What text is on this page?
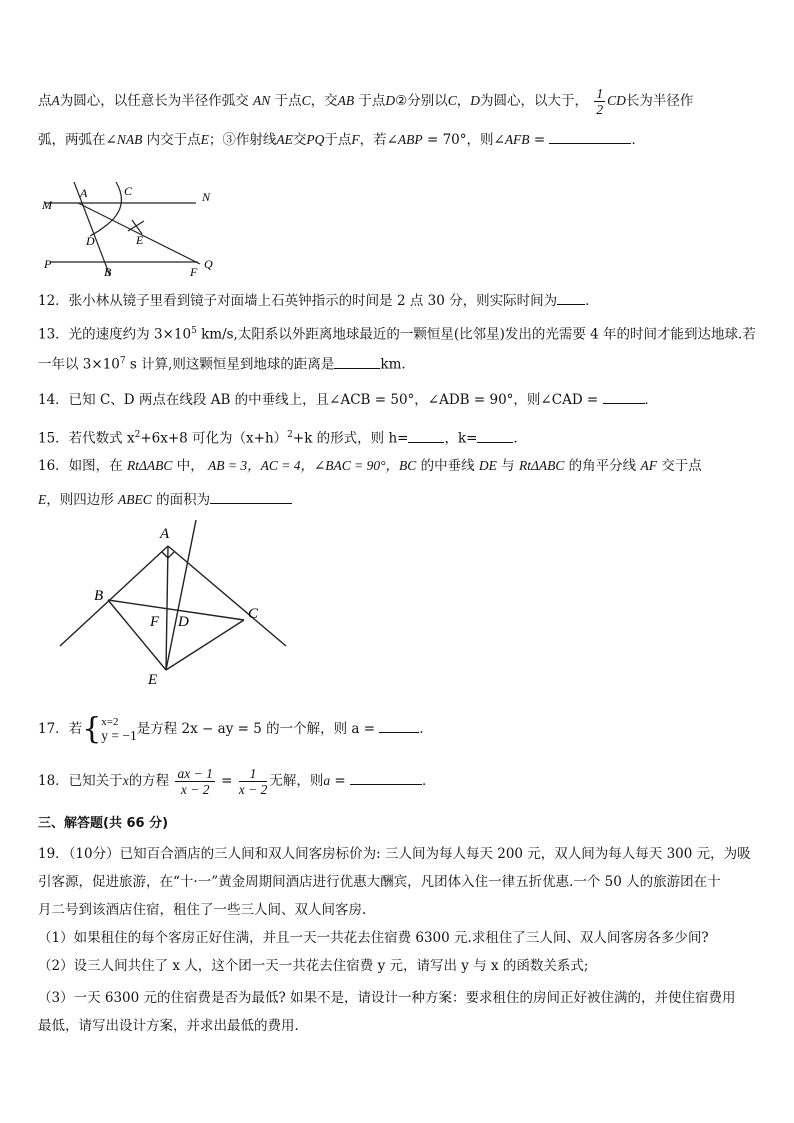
点A为圆心，以任意长为半径作弧交 AN 于点C，交AB 于点D②分别以C，D为圆心，以大于， $\frac{1}{2}$ CD长为半径作
弧，两弧在∠NAB 内交于点E；③作射线AE交PQ于点F，若∠ABP = 70°，则∠AFB =	．
M
A	C	N
D	E
P
B	F
Q
12．张小林从镜子里看到镜子对面墙上石英钟指示的时间是 2 点 30 分，则实际时间为 ．
13．光的速度约为 $3\times 10^5$ km/s,太阳系以外距离地球最近的一颗恒星(比邻星)发出的光需要 4 年的时间才能到达地球.若
一年以 $3\times 10^7$ s 计算,则这颗恒星到地球的距离是	km.
14．已知 C、D 两点在线段 AB 的中垂线上，且∠ACB = 50°，∠ADB = 90°，则∠CAD =	．
15．若代数式 $x^2+6x+8$ 可化为$(x+h)^2+k$ 的形式，则 h=	，k=	．
16．如图，在 RtΔABC 中， AB = 3，AC = 4，∠BAC = 90°，BC 的中垂线 DE 与 RtΔABC 的角平分线 AF 交于点
E，则四边形 ABEC 的面积为
A
B
C
F D
E
17．若{ x=2
y = −1 是方程 2x − ay = 5 的一个解，则 a =	．
18．已知关于x的方程 $\frac{ax - 1}{x - 2} = \frac{1}{x - 2}$ 无解，则a =	．
三、解答题(共 66 分)
19．（10分）已知百合酒店的三人间和双人间客房标价为: 三人间为每人每天 200 元，双人间为每人每天 300 元，为吸
引客源，促进旅游，在“十·一”黄金周期间酒店进行优惠大酬宾，凡团体入住一律五折优惠.一个 50 人的旅游团在十
月二号到该酒店住宿，租住了一些三人间、双人间客房.
（1）如果租住的每个客房正好住满，并且一天一共花去住宿费 6300 元.求租住了三人间、双人间客房各多少间?
（2）设三人间共住了 x 人，这个团一天一共花去住宿费 y 元，请写出 y 与 x 的函数关系式;
（3）一天 6300 元的住宿费是否为最低? 如果不是，请设计一种方案：要求租住的房间正好被住满的，并使住宿费用
最低，请写出设计方案，并求出最低的费用.
